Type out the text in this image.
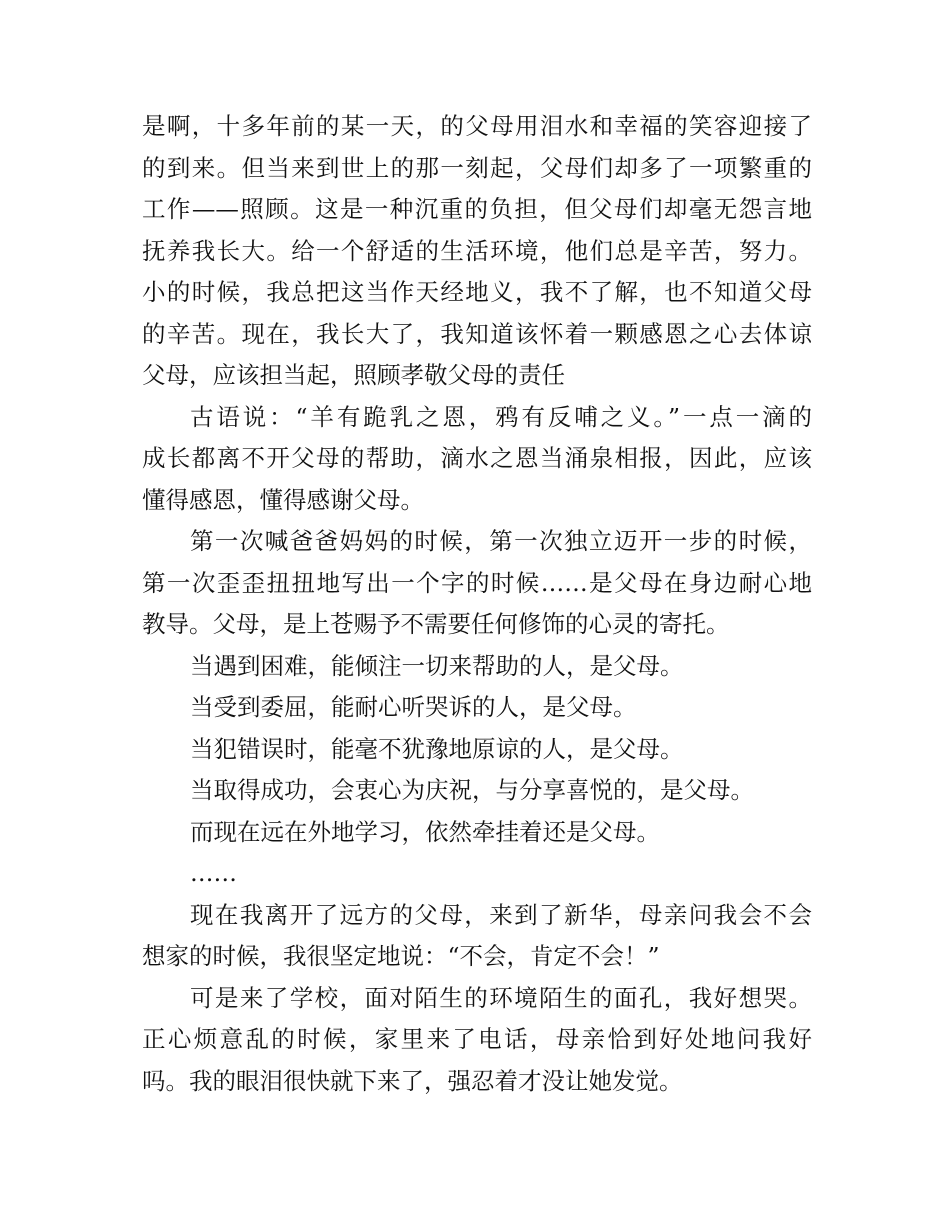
是啊，十多年前的某一天，的父母用泪水和幸福的笑容迎接了
的到来。但当来到世上的那一刻起，父母们却多了一项繁重的
工作——照顾。这是一种沉重的负担，但父母们却毫无怨言地
抚养我长大。给一个舒适的生活环境，他们总是辛苦，努力。
小的时候，我总把这当作天经地义，我不了解，也不知道父母
的辛苦。现在，我长大了，我知道该怀着一颗感恩之心去体谅
父母，应该担当起，照顾孝敬父母的责任
古语说：“羊有跪乳之恩，鸦有反哺之义。”一点一滴的
成长都离不开父母的帮助，滴水之恩当涌泉相报，因此，应该
懂得感恩，懂得感谢父母。
第一次喊爸爸妈妈的时候，第一次独立迈开一步的时候，
第一次歪歪扭扭地写出一个字的时候……是父母在身边耐心地
教导。父母，是上苍赐予不需要任何修饰的心灵的寄托。
当遇到困难，能倾注一切来帮助的人，是父母。
当受到委屈，能耐心听哭诉的人，是父母。
当犯错误时，能毫不犹豫地原谅的人，是父母。
当取得成功，会衷心为庆祝，与分享喜悦的，是父母。
而现在远在外地学习，依然牵挂着还是父母。
……
现在我离开了远方的父母，来到了新华，母亲问我会不会
想家的时候，我很坚定地说：“不会，肯定不会！”
可是来了学校，面对陌生的环境陌生的面孔，我好想哭。
正心烦意乱的时候，家里来了电话，母亲恰到好处地问我好
吗。我的眼泪很快就下来了，强忍着才没让她发觉。
